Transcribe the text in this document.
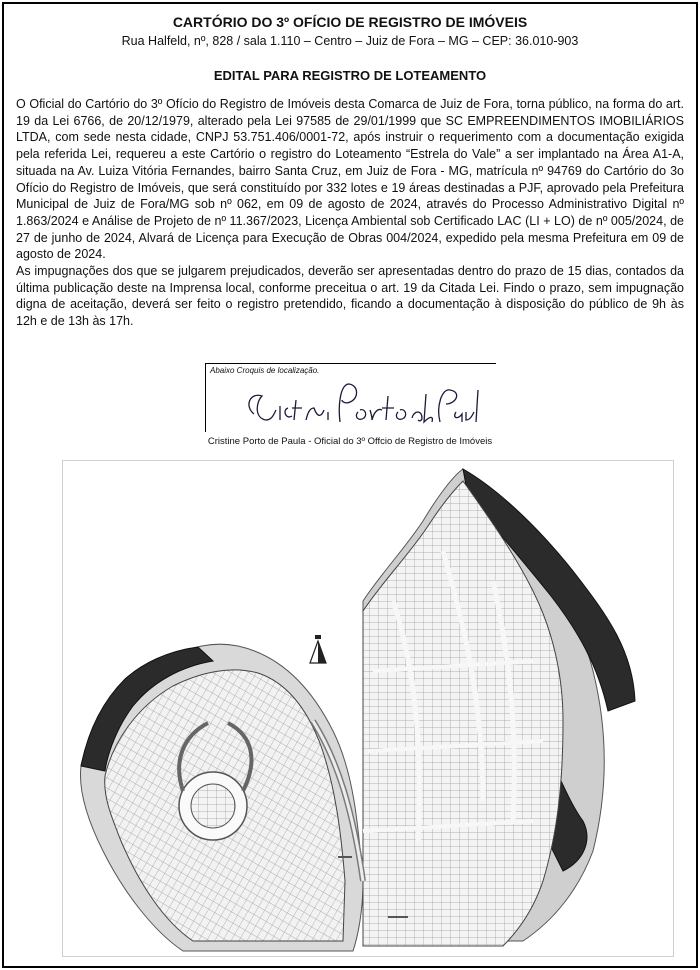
CARTÓRIO DO 3º OFÍCIO DE REGISTRO DE IMÓVEIS
Rua Halfeld, nº, 828 / sala 1.110 – Centro – Juiz de Fora – MG – CEP: 36.010-903
EDITAL PARA REGISTRO DE LOTEAMENTO

O Oficial do Cartório do 3º Ofício do Registro de Imóveis desta Comarca de Juiz de Fora, torna público, na forma do art. 19 da Lei 6766, de 20/12/1979, alterado pela Lei 97585 de 29/01/1999 que SC EMPREENDIMENTOS IMOBILIÁRIOS LTDA, com sede nesta cidade, CNPJ 53.751.406/0001-72, após instruir o requerimento com a documentação exigida pela referida Lei, requereu a este Cartório o registro do Loteamento “Estrela do Vale” a ser implantado na Área A1-A, situada na Av. Luiza Vitória Fernandes, bairro Santa Cruz, em Juiz de Fora - MG, matrícula nº 94769 do Cartório do 3o Ofício do Registro de Imóveis, que será constituído por 332 lotes e 19 áreas destinadas a PJF, aprovado pela Prefeitura Municipal de Juiz de Fora/MG sob nº 062, em 09 de agosto de 2024, através do Processo Administrativo Digital nº 1.863/2024 e Análise de Projeto de nº 11.367/2023, Licença Ambiental sob Certificado LAC (LI + LO) de nº 005/2024, de 27 de junho de 2024, Alvará de Licença para Execução de Obras 004/2024, expedido pela mesma Prefeitura em 09 de agosto de 2024.

As impugnações dos que se julgarem prejudicados, deverão ser apresentadas dentro do prazo de 15 dias, contados da última publicação deste na Imprensa local, conforme preceitua o art. 19 da Citada Lei. Findo o prazo, sem impugnação digna de aceitação, deverá ser feito o registro pretendido, ficando a documentação à disposição do público de 9h às 12h e de 13h às 17h.

Abaixo Croquis de localização.
Cristine Porto de Paula - Oficial do 3º Offcio de Registro de Imóveis
